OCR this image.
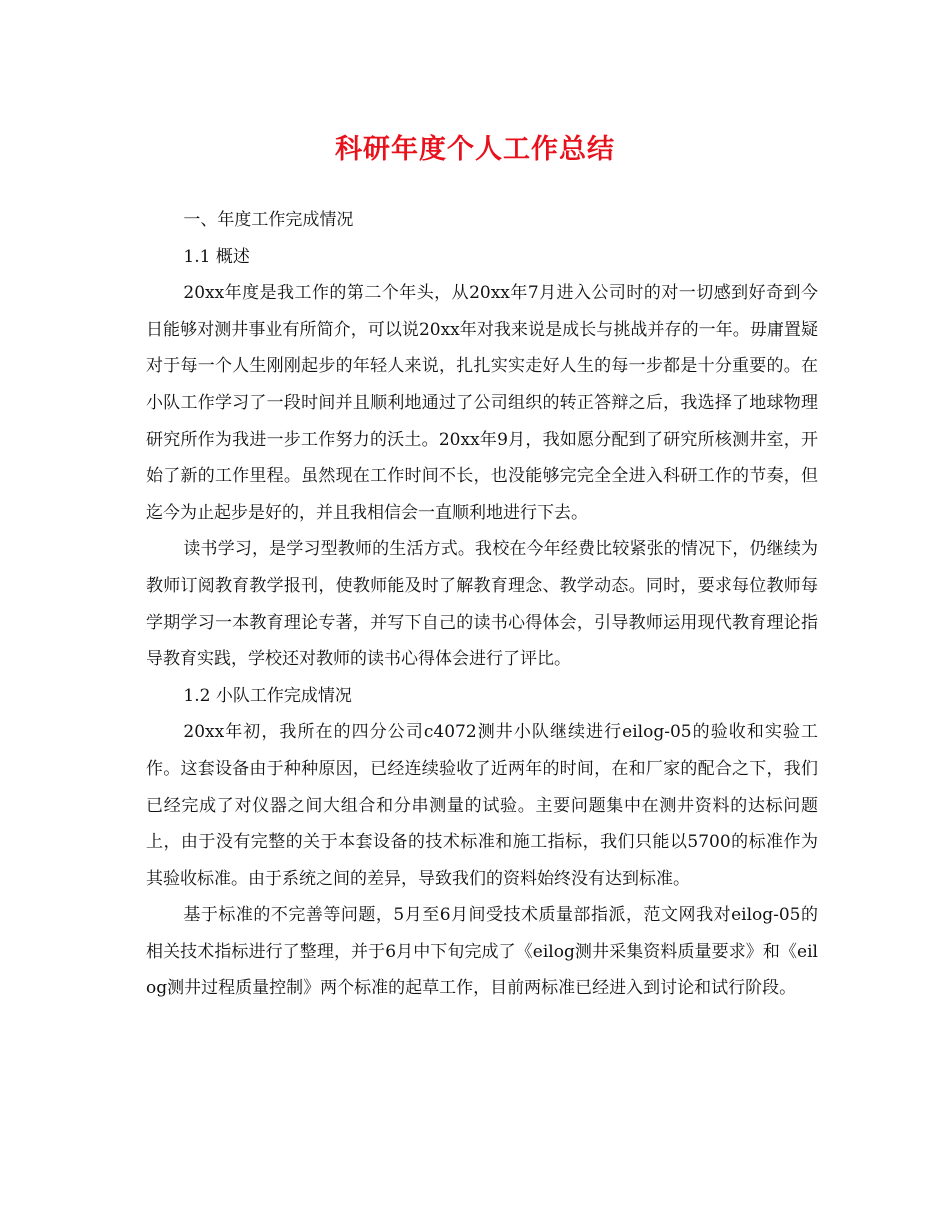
科研年度个人工作总结

一、年度工作完成情况

1.1 概述

20xx年度是我工作的第二个年头，从20xx年7月进入公司时的对一切感到好奇到今日能够对测井事业有所简介，可以说20xx年对我来说是成长与挑战并存的一年。毋庸置疑对于每一个人生刚刚起步的年轻人来说，扎扎实实走好人生的每一步都是十分重要的。在小队工作学习了一段时间并且顺利地通过了公司组织的转正答辩之后，我选择了地球物理研究所作为我进一步工作努力的沃土。20xx年9月，我如愿分配到了研究所核测井室，开始了新的工作里程。虽然现在工作时间不长，也没能够完完全全进入科研工作的节奏，但迄今为止起步是好的，并且我相信会一直顺利地进行下去。

读书学习，是学习型教师的生活方式。我校在今年经费比较紧张的情况下，仍继续为教师订阅教育教学报刊，使教师能及时了解教育理念、教学动态。同时，要求每位教师每学期学习一本教育理论专著，并写下自己的读书心得体会，引导教师运用现代教育理论指导教育实践，学校还对教师的读书心得体会进行了评比。

1.2 小队工作完成情况

20xx年初，我所在的四分公司c4072测井小队继续进行eilog-05的验收和实验工作。这套设备由于种种原因，已经连续验收了近两年的时间，在和厂家的配合之下，我们已经完成了对仪器之间大组合和分串测量的试验。主要问题集中在测井资料的达标问题上，由于没有完整的关于本套设备的技术标准和施工指标，我们只能以5700的标准作为其验收标准。由于系统之间的差异，导致我们的资料始终没有达到标准。

基于标准的不完善等问题，5月至6月间受技术质量部指派，范文网我对eilog-05的相关技术指标进行了整理，并于6月中下旬完成了《eilog测井采集资料质量要求》和《eilog测井过程质量控制》两个标准的起草工作，目前两标准已经进入到讨论和试行阶段。
